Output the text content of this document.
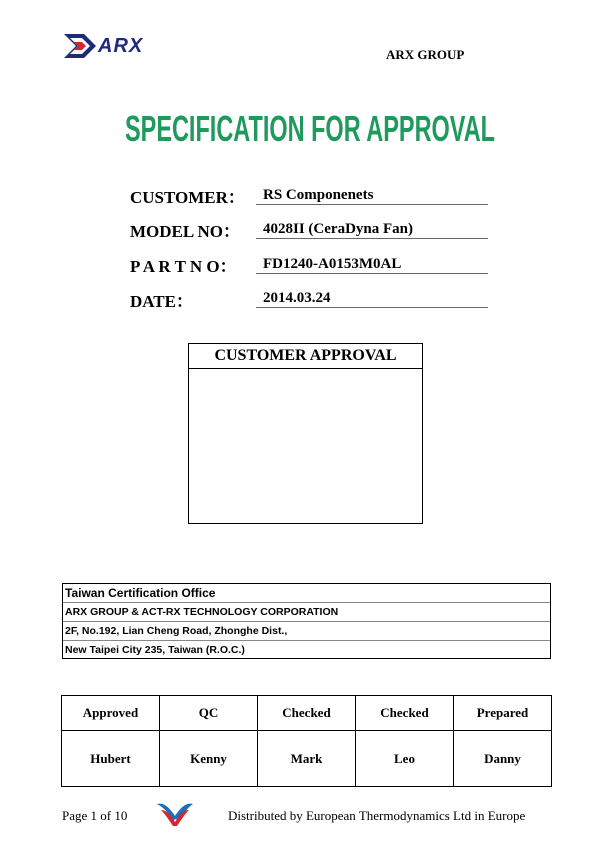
ARX	ARX GROUP
SPECIFICATION FOR APPROVAL
CUSTOMER： RS Componenets
MODEL NO： 4028II (CeraDyna Fan)
P A R T N O： FD1240-A0153M0AL
DATE：	2014.03.24
CUSTOMER APPROVAL
Taiwan Certification Office
ARX GROUP & ACT-RX TECHNOLOGY CORPORATION
2F, No.192, Lian Cheng Road, Zhonghe Dist.,
New Taipei City 235, Taiwan (R.O.C.)
Approved	QC	Checked	Checked	Prepared
Hubert	Kenny	Mark	Leo	Danny
Page 1 of 10	Distributed by European Thermodynamics Ltd in Europe
